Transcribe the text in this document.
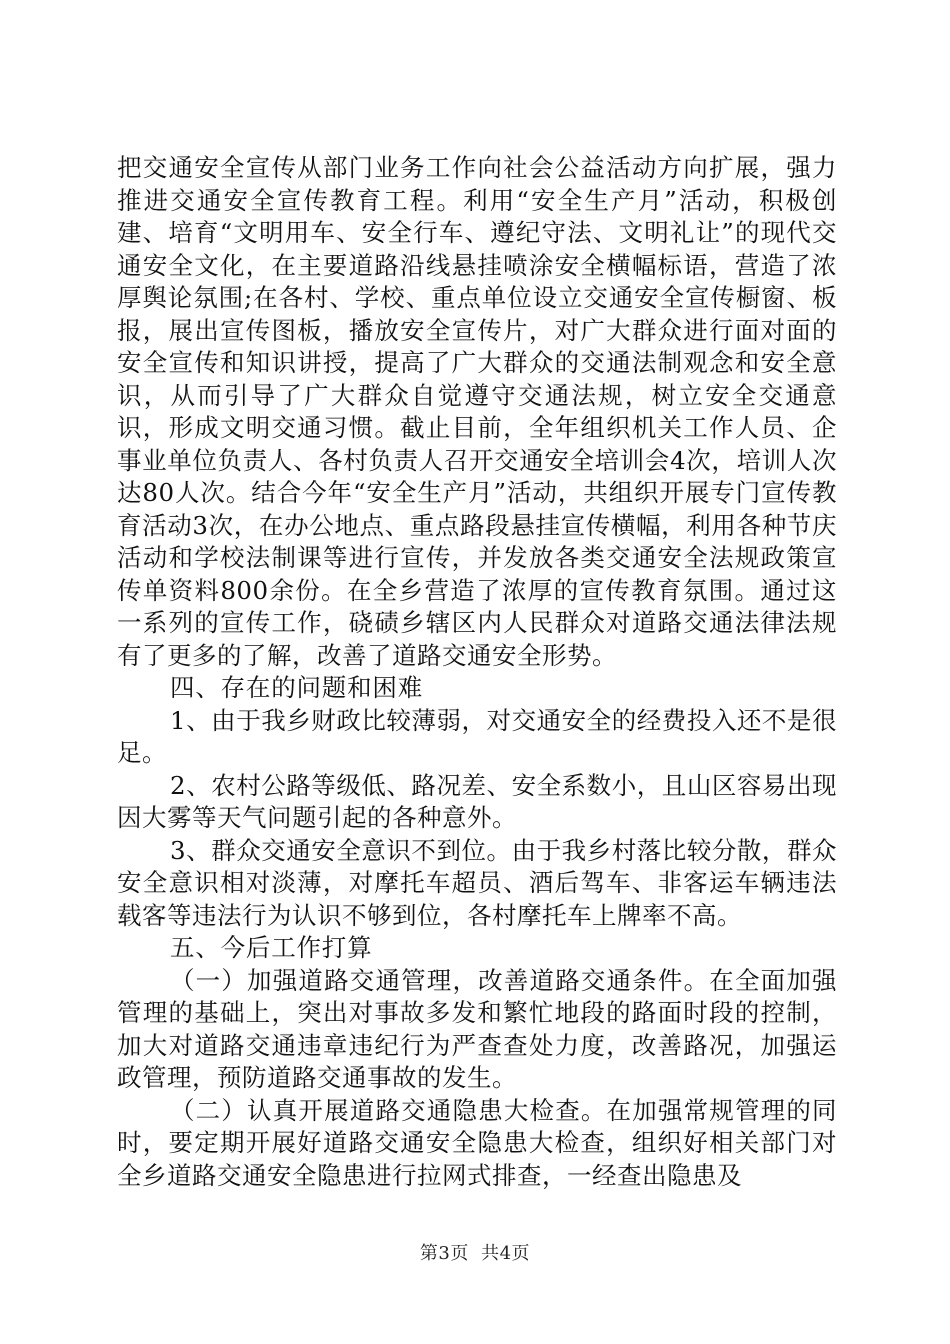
把交通安全宣传从部门业务工作向社会公益活动方向扩展，强力推进交通安全宣传教育工程。利用“安全生产月”活动，积极创建、培育“文明用车、安全行车、遵纪守法、文明礼让”的现代交通安全文化，在主要道路沿线悬挂喷涂安全横幅标语，营造了浓厚舆论氛围;在各村、学校、重点单位设立交通安全宣传橱窗、板报，展出宣传图板，播放安全宣传片，对广大群众进行面对面的安全宣传和知识讲授，提高了广大群众的交通法制观念和安全意识，从而引导了广大群众自觉遵守交通法规，树立安全交通意识，形成文明交通习惯。截止目前，全年组织机关工作人员、企事业单位负责人、各村负责人召开交通安全培训会4次，培训人次达80人次。结合今年“安全生产月”活动，共组织开展专门宣传教育活动3次，在办公地点、重点路段悬挂宣传横幅，利用各种节庆活动和学校法制课等进行宣传，并发放各类交通安全法规政策宣传单资料800余份。在全乡营造了浓厚的宣传教育氛围。通过这一系列的宣传工作，硗碛乡辖区内人民群众对道路交通法律法规有了更多的了解，改善了道路交通安全形势。

四、存在的问题和困难

1、由于我乡财政比较薄弱，对交通安全的经费投入还不是很足。

2、农村公路等级低、路况差、安全系数小，且山区容易出现因大雾等天气问题引起的各种意外。

3、群众交通安全意识不到位。由于我乡村落比较分散，群众安全意识相对淡薄，对摩托车超员、酒后驾车、非客运车辆违法载客等违法行为认识不够到位，各村摩托车上牌率不高。

五、今后工作打算

（一）加强道路交通管理，改善道路交通条件。在全面加强管理的基础上，突出对事故多发和繁忙地段的路面时段的控制，加大对道路交通违章违纪行为严查查处力度，改善路况，加强运政管理，预防道路交通事故的发生。

（二）认真开展道路交通隐患大检查。在加强常规管理的同时，要定期开展好道路交通安全隐患大检查，组织好相关部门对全乡道路交通安全隐患进行拉网式排查，一经查出隐患及

第3页 共4页
